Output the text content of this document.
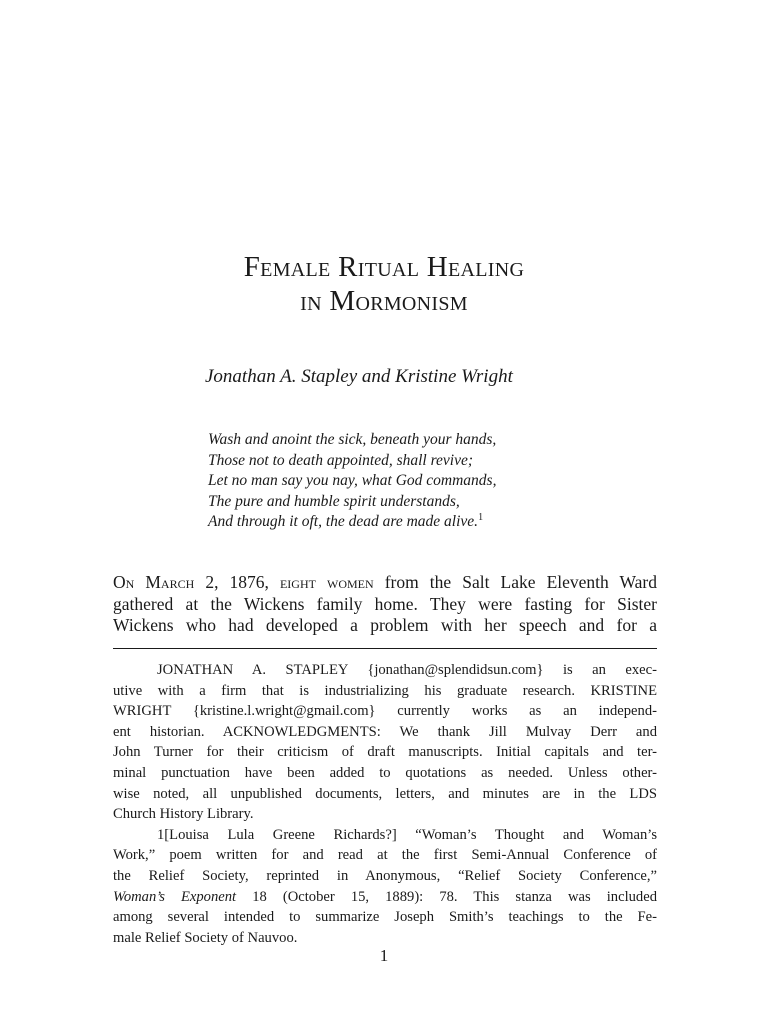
Female Ritual Healing
in Mormonism

Jonathan A. Stapley and Kristine Wright

Wash and anoint the sick, beneath your hands,
Those not to death appointed, shall revive;
Let no man say you nay, what God commands,
The pure and humble spirit understands,
And through it oft, the dead are made alive.$^1$
On March 2, 1876, eight women from the Salt Lake Eleventh Ward
gathered at the Wickens family home. They were fasting for Sister
Wickens who had developed a problem with her speech and for a
JONATHAN A. STAPLEY {jonathan@splendidsun.com} is an exec-
utive with a firm that is industrializing his graduate research. KRISTINE
WRIGHT {kristine.l.wright@gmail.com} currently works as an independ-
ent historian. ACKNOWLEDGMENTS: We thank Jill Mulvay Derr and
John Turner for their criticism of draft manuscripts. Initial capitals and ter-
minal punctuation have been added to quotations as needed. Unless other-
wise noted, all unpublished documents, letters, and minutes are in the LDS
Church History Library.
1[Louisa Lula Greene Richards?] “Woman’s Thought and Woman’s
Work,” poem written for and read at the first Semi-Annual Conference of
the Relief Society, reprinted in Anonymous, “Relief Society Conference,”
Woman’s Exponent 18 (October 15, 1889): 78. This stanza was included
among several intended to summarize Joseph Smith’s teachings to the Fe-
male Relief Society of Nauvoo.

1
